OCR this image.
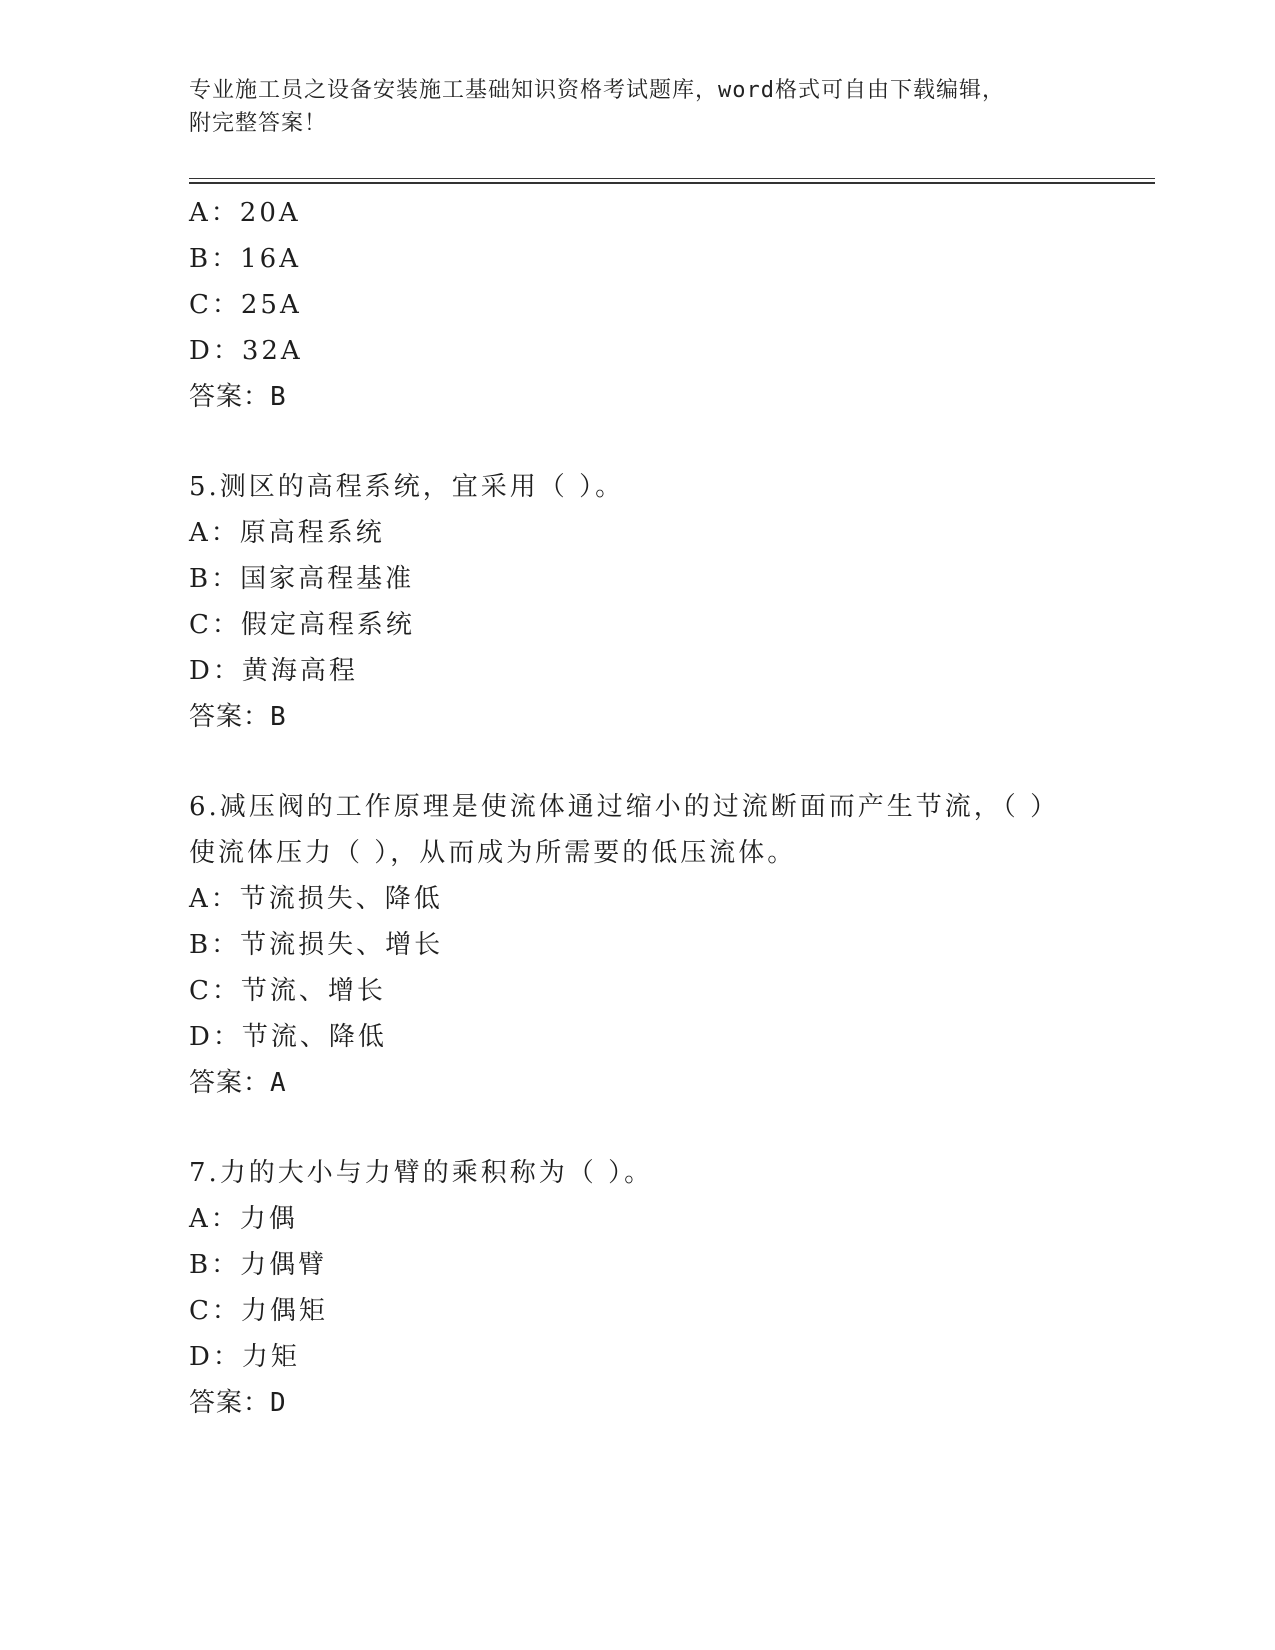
专业施工员之设备安装施工基础知识资格考试题库，word格式可自由下载编辑，
附完整答案！
A：20A
B：16A
C：25A
D：32A
答案：B
5.测区的高程系统，宜采用（ ）。
A：原高程系统
B：国家高程基准
C：假定高程系统
D：黄海高程
答案：B
6.减压阀的工作原理是使流体通过缩小的过流断面而产生节流，（ ）
使流体压力（ ），从而成为所需要的低压流体。
A：节流损失、降低
B：节流损失、增长
C：节流、增长
D：节流、降低
答案：A
7.力的大小与力臂的乘积称为（ ）。
A：力偶
B：力偶臂
C：力偶矩
D：力矩
答案：D
